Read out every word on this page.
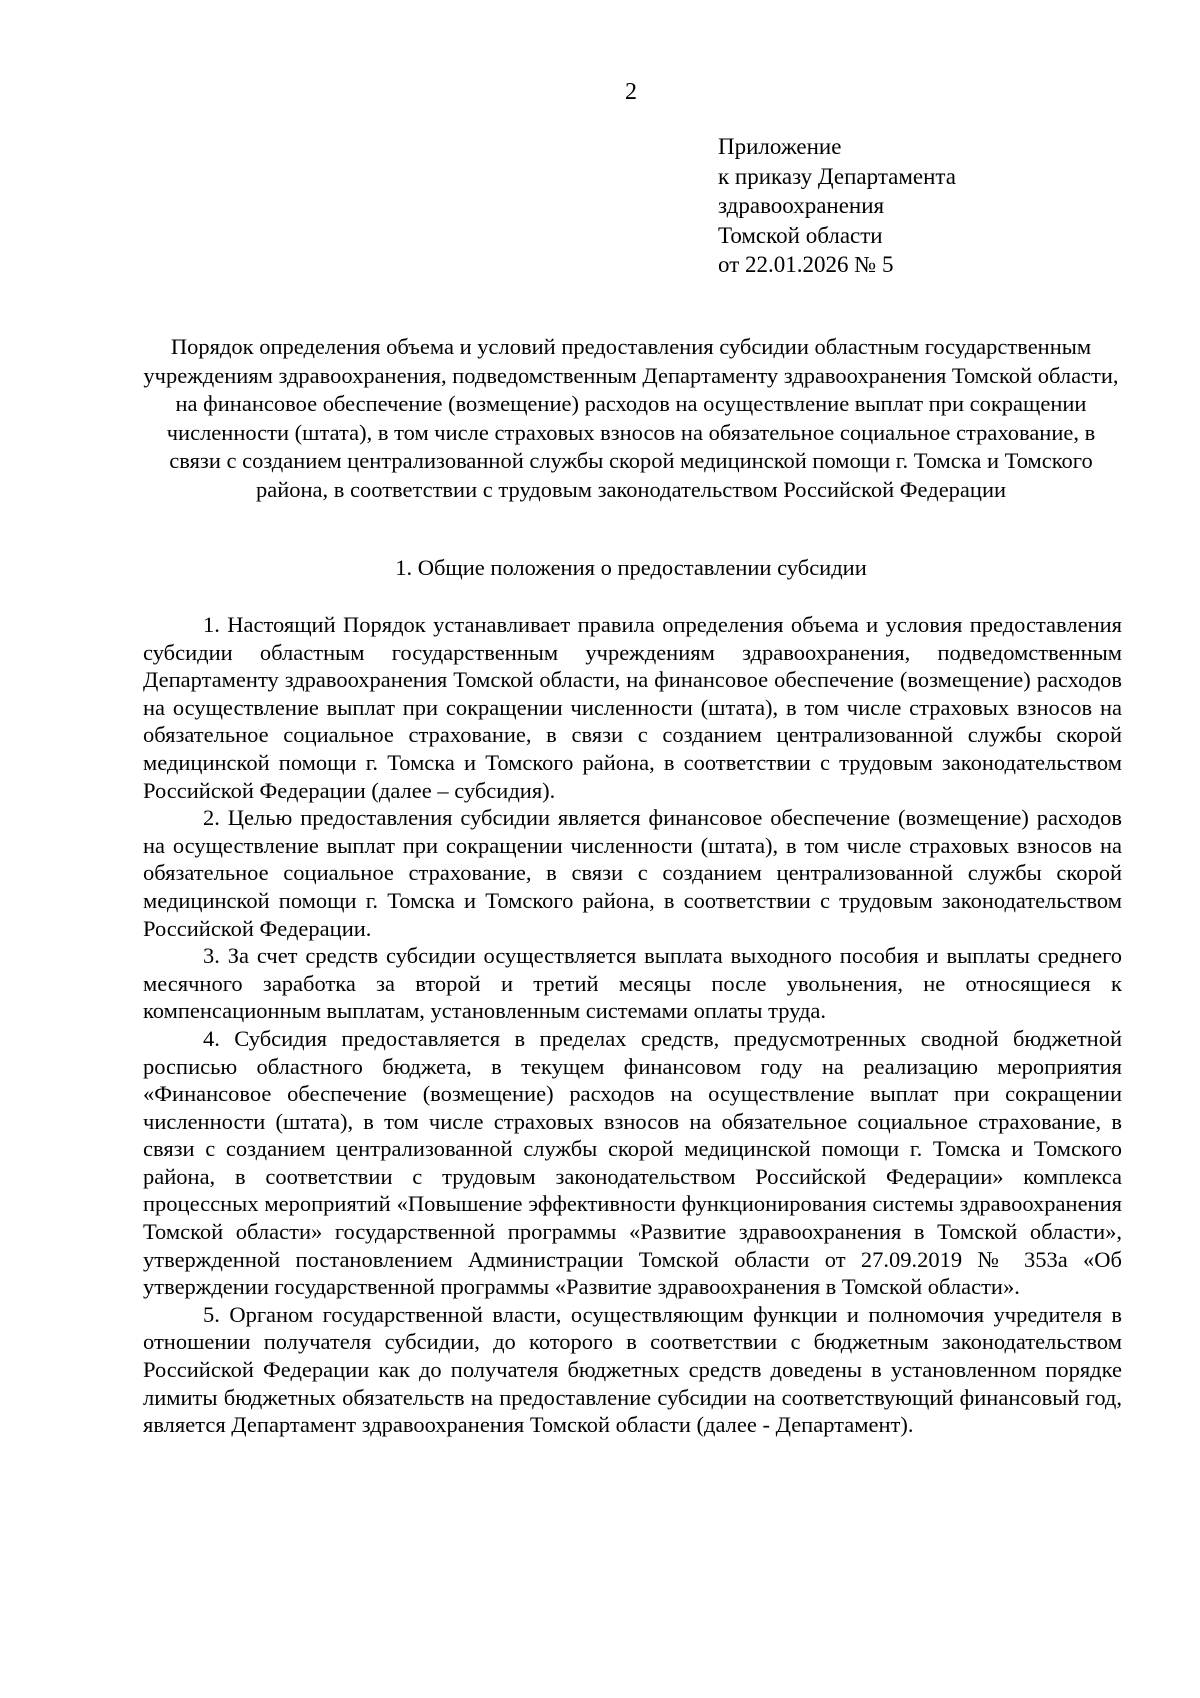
2
Приложение
к приказу Департамента
здравоохранения
Томской области
от 22.01.2026 № 5
Порядок определения объема и условий предоставления субсидии областным государственным учреждениям здравоохранения, подведомственным Департаменту здравоохранения Томской области, на финансовое обеспечение (возмещение) расходов на осуществление выплат при сокращении численности (штата), в том числе страховых взносов на обязательное социальное страхование, в связи с созданием централизованной службы скорой медицинской помощи г. Томска и Томского района, в соответствии с трудовым законодательством Российской Федерации
1. Общие положения о предоставлении субсидии

1. Настоящий Порядок устанавливает правила определения объема и условия предоставления субсидии областным государственным учреждениям здравоохранения, подведомственным Департаменту здравоохранения Томской области, на финансовое обеспечение (возмещение) расходов на осуществление выплат при сокращении численности (штата), в том числе страховых взносов на обязательное социальное страхование, в связи с созданием централизованной службы скорой медицинской помощи г. Томска и Томского района, в соответствии с трудовым законодательством Российской Федерации (далее – субсидия).

2. Целью предоставления субсидии является финансовое обеспечение (возмещение) расходов на осуществление выплат при сокращении численности (штата), в том числе страховых взносов на обязательное социальное страхование, в связи с созданием централизованной службы скорой медицинской помощи г. Томска и Томского района, в соответствии с трудовым законодательством Российской Федерации.

3. За счет средств субсидии осуществляется выплата выходного пособия и выплаты среднего месячного заработка за второй и третий месяцы после увольнения, не относящиеся к компенсационным выплатам, установленным системами оплаты труда.

4. Субсидия предоставляется в пределах средств, предусмотренных сводной бюджетной росписью областного бюджета, в текущем финансовом году на реализацию мероприятия «Финансовое обеспечение (возмещение) расходов на осуществление выплат при сокращении численности (штата), в том числе страховых взносов на обязательное социальное страхование, в связи с созданием централизованной службы скорой медицинской помощи г. Томска и Томского района, в соответствии с трудовым законодательством Российской Федерации» комплекса процессных мероприятий «Повышение эффективности функционирования системы здравоохранения Томской области» государственной программы «Развитие здравоохранения в Томской области», утвержденной постановлением Администрации Томской области от 27.09.2019 № 353а «Об утверждении государственной программы «Развитие здравоохранения в Томской области».

5. Органом государственной власти, осуществляющим функции и полномочия учредителя в отношении получателя субсидии, до которого в соответствии с бюджетным законодательством Российской Федерации как до получателя бюджетных средств доведены в установленном порядке лимиты бюджетных обязательств на предоставление субсидии на соответствующий финансовый год, является Департамент здравоохранения Томской области (далее - Департамент).
